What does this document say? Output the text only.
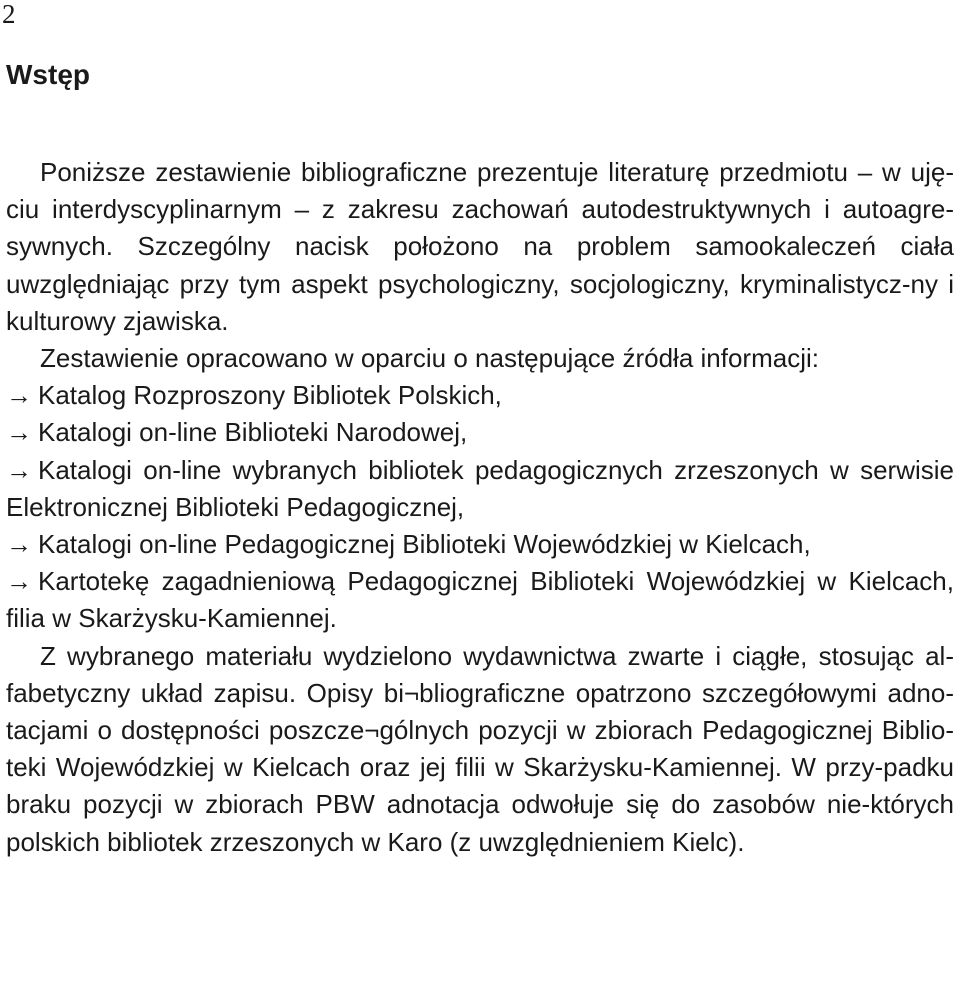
2
Wstęp

Poniższe zestawienie bibliograficzne prezentuje literaturę przedmiotu – w uję-ciu interdyscyplinarnym – z zakresu zachowań autodestruktywnych i autoagre-sywnych. Szczególny nacisk położono na problem samookaleczeń ciała uwzględniając przy tym aspekt psychologiczny, socjologiczny, kryminalistycz-ny i kulturowy zjawiska.

Zestawienie opracowano w oparciu o następujące źródła informacji:

→ Katalog Rozproszony Bibliotek Polskich,

→ Katalogi on-line Biblioteki Narodowej,

→ Katalogi on-line wybranych bibliotek pedagogicznych zrzeszonych w serwisie Elektronicznej Biblioteki Pedagogicznej,

→ Katalogi on-line Pedagogicznej Biblioteki Wojewódzkiej w Kielcach,

→ Kartotekę zagadnieniową Pedagogicznej Biblioteki Wojewódzkiej w Kielcach, filia w Skarżysku-Kamiennej.

Z wybranego materiału wydzielono wydawnictwa zwarte i ciągłe, stosując al-fabetyczny układ zapisu. Opisy bi¬bliograficzne opatrzono szczegółowymi adno-tacjami o dostępności poszcze¬gólnych pozycji w zbiorach Pedagogicznej Biblio-teki Wojewódzkiej w Kielcach oraz jej filii w Skarżysku-Kamiennej. W przy-padku braku pozycji w zbiorach PBW adnotacja odwołuje się do zasobów nie-których polskich bibliotek zrzeszonych w Karo (z uwzględnieniem Kielc).
